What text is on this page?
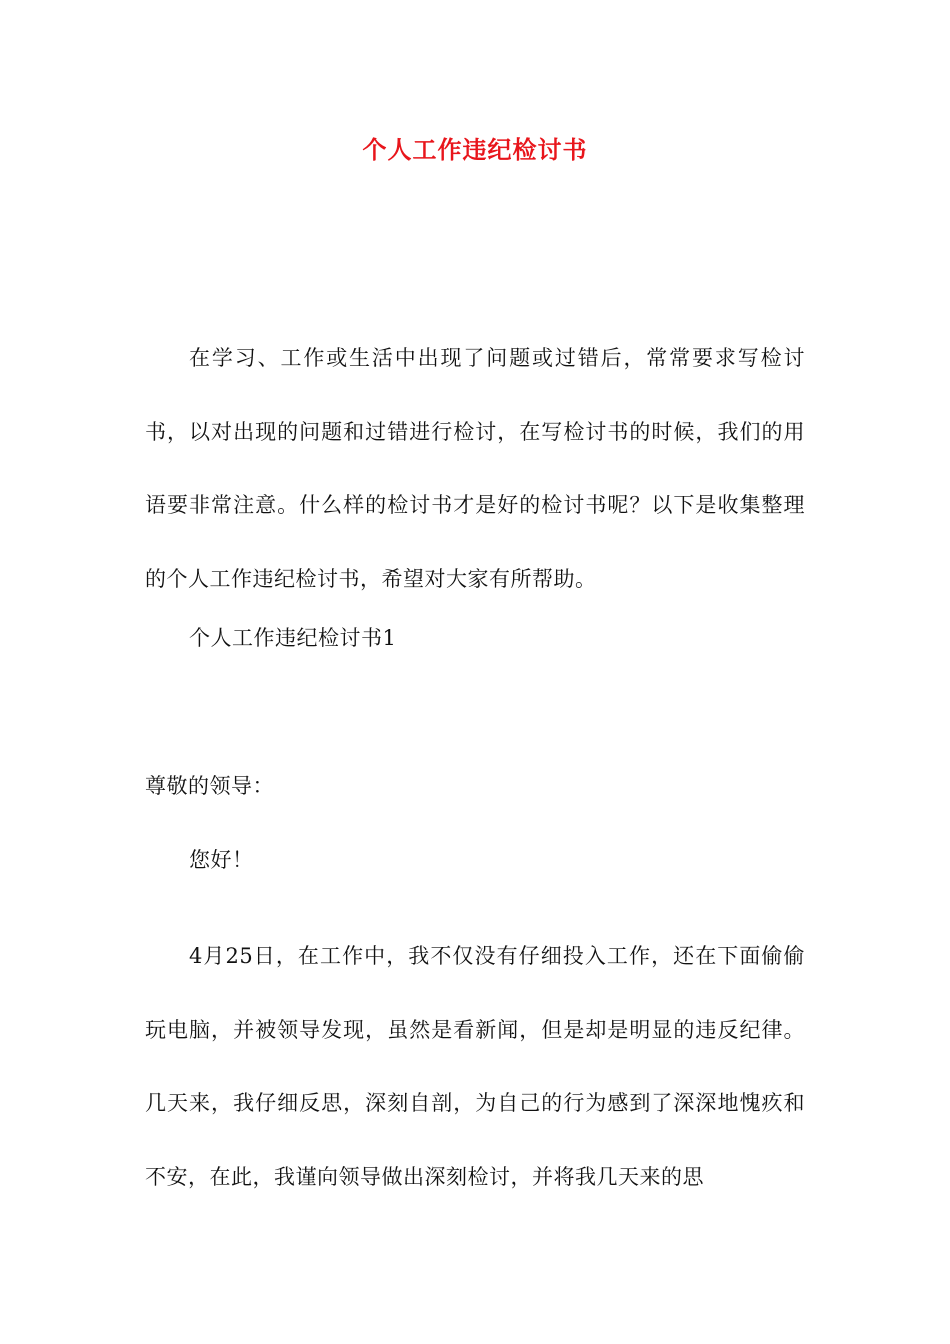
个人工作违纪检讨书
在学习、工作或生活中出现了问题或过错后，常常要求写检讨书，以对出现的问题和过错进行检讨，在写检讨书的时候，我们的用语要非常注意。什么样的检讨书才是好的检讨书呢？以下是收集整理的个人工作违纪检讨书，希望对大家有所帮助。
个人工作违纪检讨书1
尊敬的领导：
您好！
4月25日，在工作中，我不仅没有仔细投入工作，还在下面偷偷玩电脑，并被领导发现，虽然是看新闻，但是却是明显的违反纪律。几天来，我仔细反思，深刻自剖，为自己的行为感到了深深地愧疚和不安，在此，我谨向领导做出深刻检讨，并将我几天来的思
